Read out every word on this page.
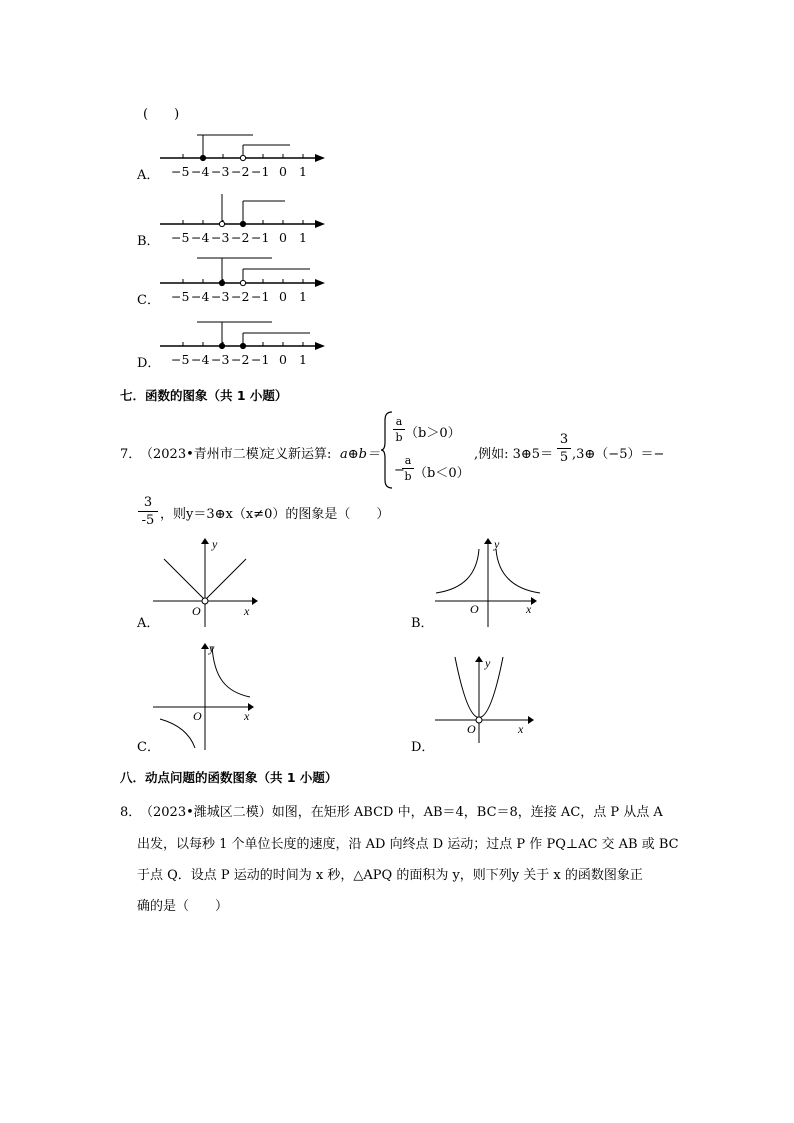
(　　)
A． −5 −4 −3 −2 −1 0 1
B． −5 −4 −3 −2 −1 0 1
C． −5 −4 −3 −2 −1 0 1
D． −5 −4 −3 −2 −1 0 1
七．函数的图象（共 1 小题）
7．
（2023•青州市二模）
定义新运算: a⊕b＝
a
b （b＞0）
−
a
b （b＜0）
,例如: 3⊕5＝
3
5 ,3⊕（−5）＝−
3
-5 ，则y＝3⊕x（x≠0）的图象是（　　）
O
y
x
A．
O
y
x
B．
O
y
x
C．
O
y
x
D．
八．动点问题的函数图象（共 1 小题）
8．
（2023•潍城区二模）如图，在矩形 ABCD 中，AB＝4，BC＝8，连接 AC，点 P 从点 A
出发，以每秒 1 个单位长度的速度，沿 AD 向终点 D 运动；过点 P 作 PQ⊥AC 交 AB 或 BC
于点 Q．设点 P 运动的时间为 x 秒，△APQ 的面积为 y，则下列y 关于 x 的函数图象正
确的是（　　）
